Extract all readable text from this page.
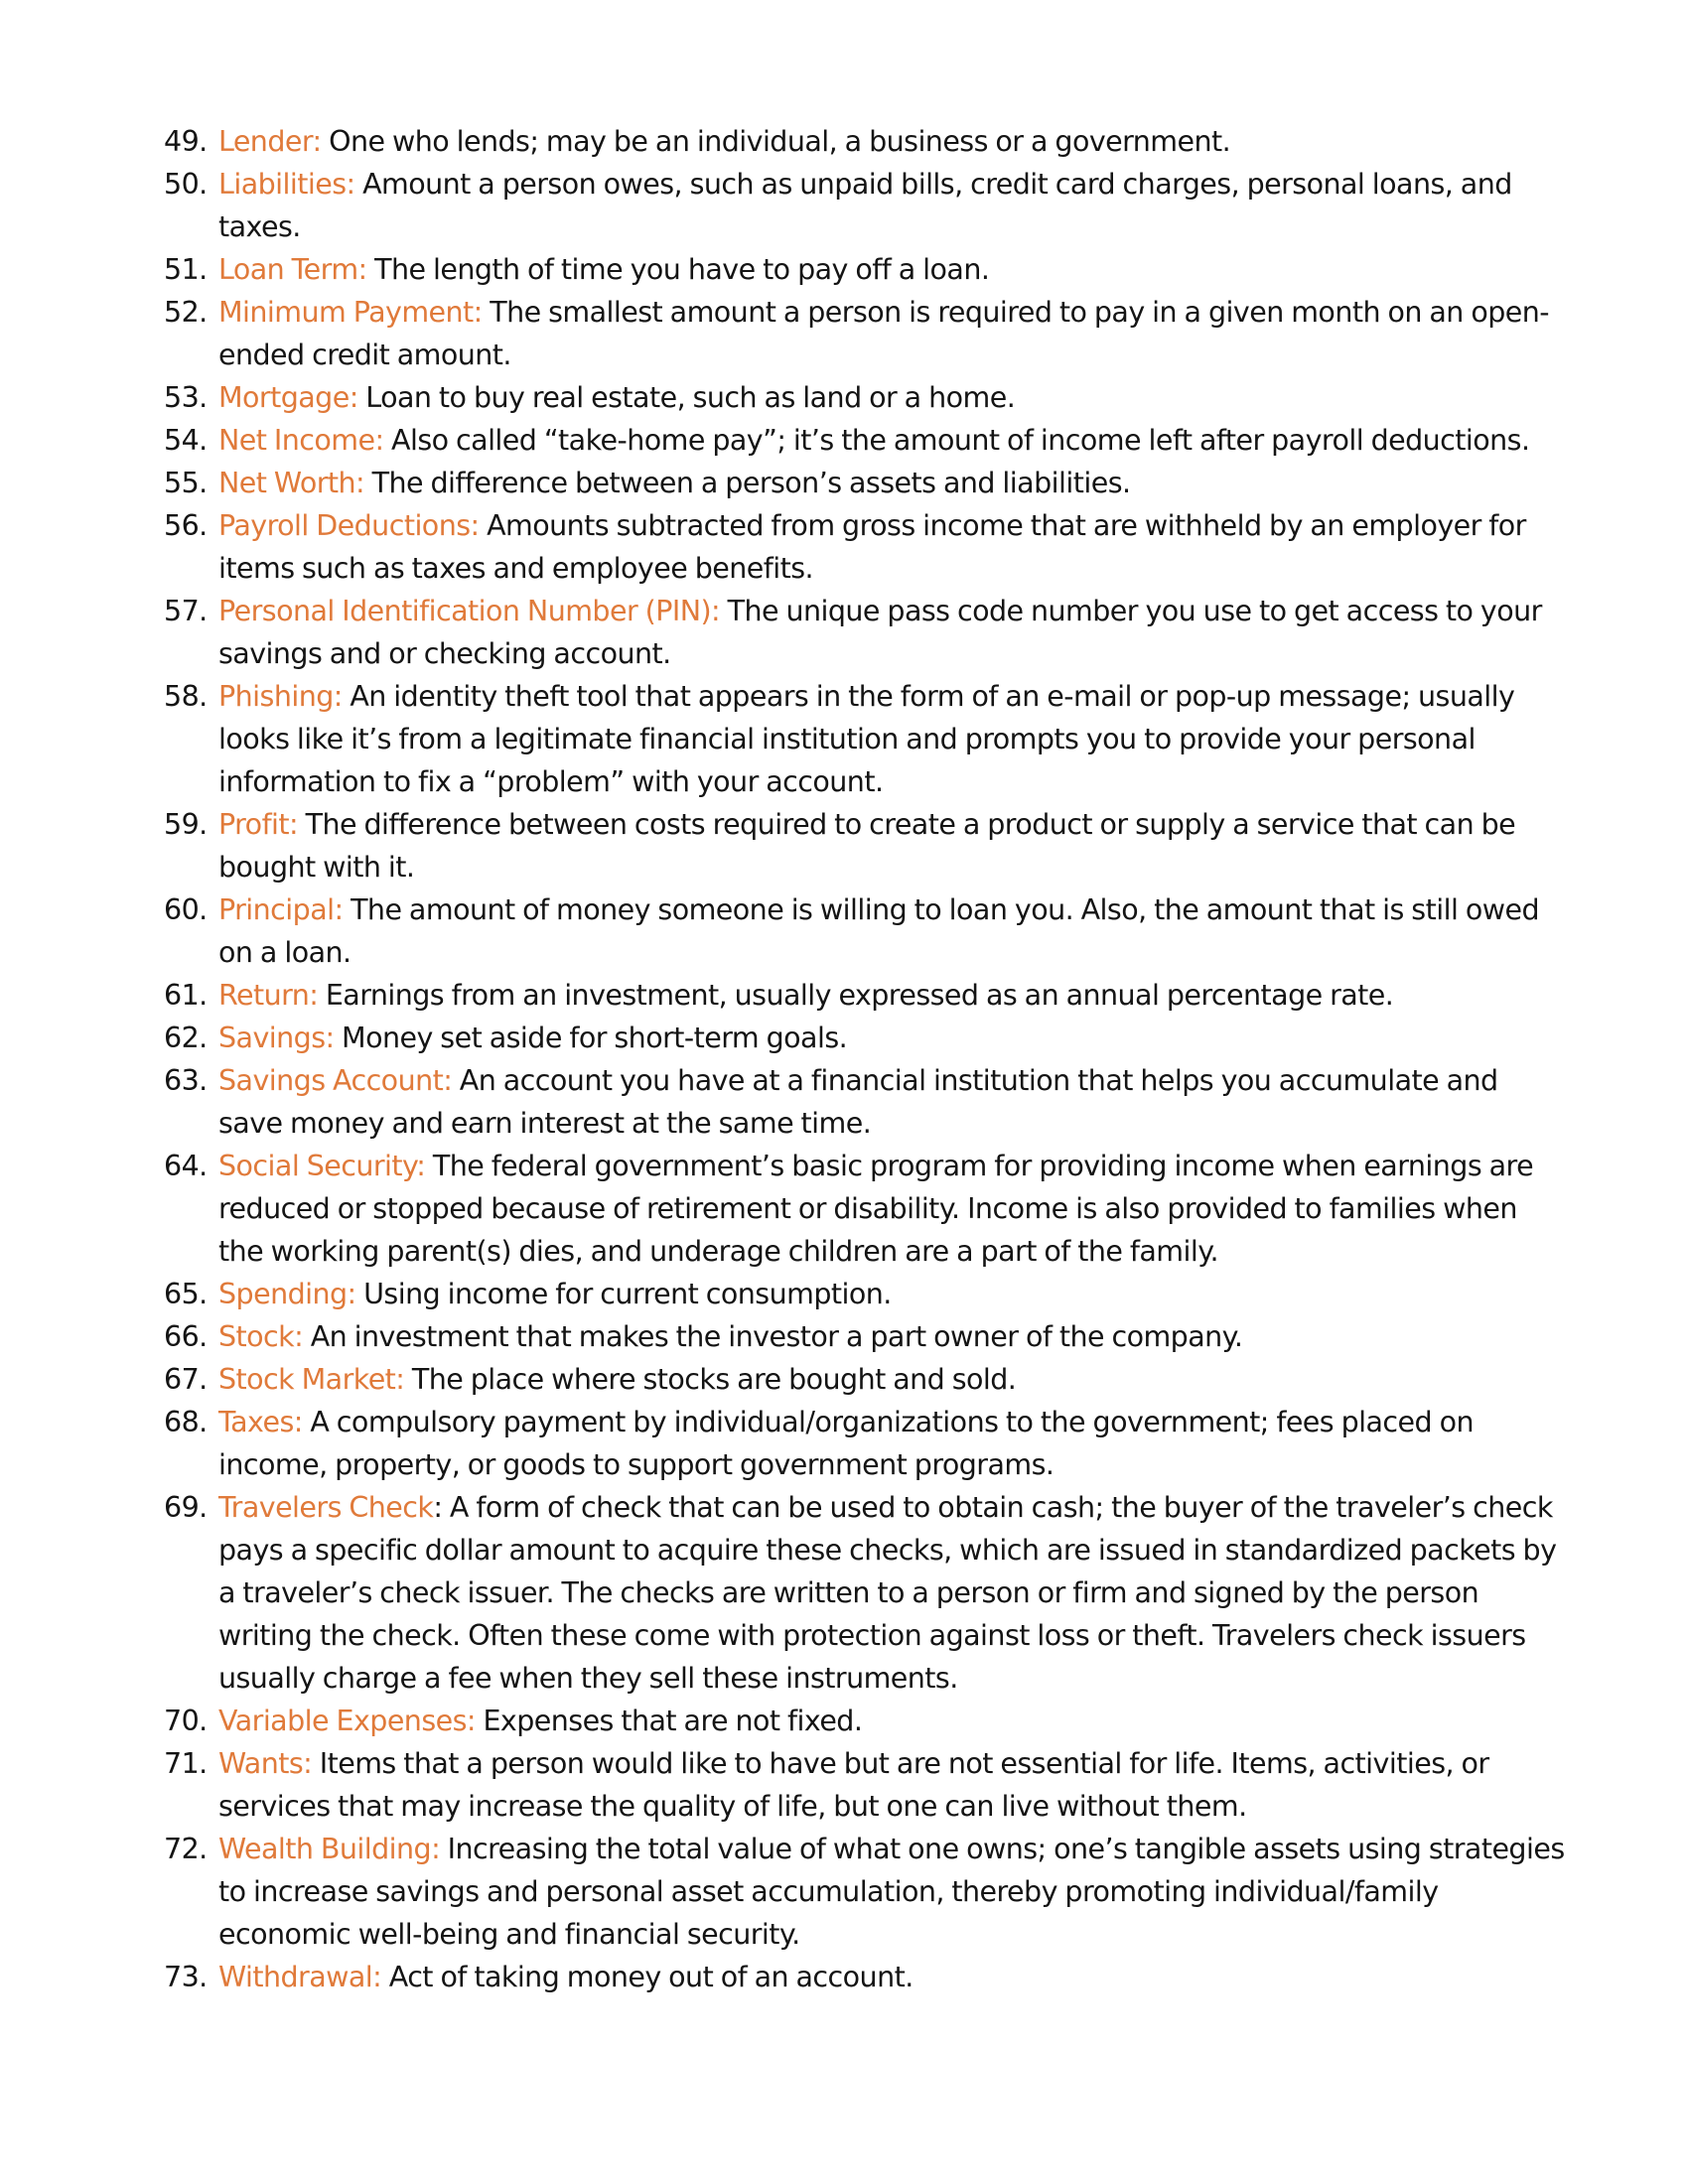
49. Lender: One who lends; may be an individual, a business or a government.
50. Liabilities: Amount a person owes, such as unpaid bills, credit card charges, personal loans, and taxes.
51. Loan Term: The length of time you have to pay off a loan.
52. Minimum Payment: The smallest amount a person is required to pay in a given month on an open-ended credit amount.
53. Mortgage: Loan to buy real estate, such as land or a home.
54. Net Income: Also called “take-home pay”; it’s the amount of income left after payroll deductions.
55. Net Worth: The difference between a person’s assets and liabilities.
56. Payroll Deductions: Amounts subtracted from gross income that are withheld by an employer for items such as taxes and employee benefits.
57. Personal Identification Number (PIN): The unique pass code number you use to get access to your savings and or checking account.
58. Phishing: An identity theft tool that appears in the form of an e-mail or pop-up message; usually looks like it’s from a legitimate financial institution and prompts you to provide your personal information to fix a “problem” with your account.
59. Profit: The difference between costs required to create a product or supply a service that can be bought with it.
60. Principal: The amount of money someone is willing to loan you. Also, the amount that is still owed on a loan.
61. Return: Earnings from an investment, usually expressed as an annual percentage rate.
62. Savings: Money set aside for short-term goals.
63. Savings Account: An account you have at a financial institution that helps you accumulate and save money and earn interest at the same time.
64. Social Security: The federal government’s basic program for providing income when earnings are reduced or stopped because of retirement or disability. Income is also provided to families when the working parent(s) dies, and underage children are a part of the family.
65. Spending: Using income for current consumption.
66. Stock: An investment that makes the investor a part owner of the company.
67. Stock Market: The place where stocks are bought and sold.
68. Taxes: A compulsory payment by individual/organizations to the government; fees placed on income, property, or goods to support government programs.
69. Travelers Check: A form of check that can be used to obtain cash; the buyer of the traveler’s check pays a specific dollar amount to acquire these checks, which are issued in standardized packets by a traveler’s check issuer. The checks are written to a person or firm and signed by the person writing the check. Often these come with protection against loss or theft. Travelers check issuers usually charge a fee when they sell these instruments.
70. Variable Expenses: Expenses that are not fixed.
71. Wants: Items that a person would like to have but are not essential for life. Items, activities, or services that may increase the quality of life, but one can live without them.
72. Wealth Building: Increasing the total value of what one owns; one’s tangible assets using strategies to increase savings and personal asset accumulation, thereby promoting individual/family economic well-being and financial security.
73. Withdrawal: Act of taking money out of an account.
